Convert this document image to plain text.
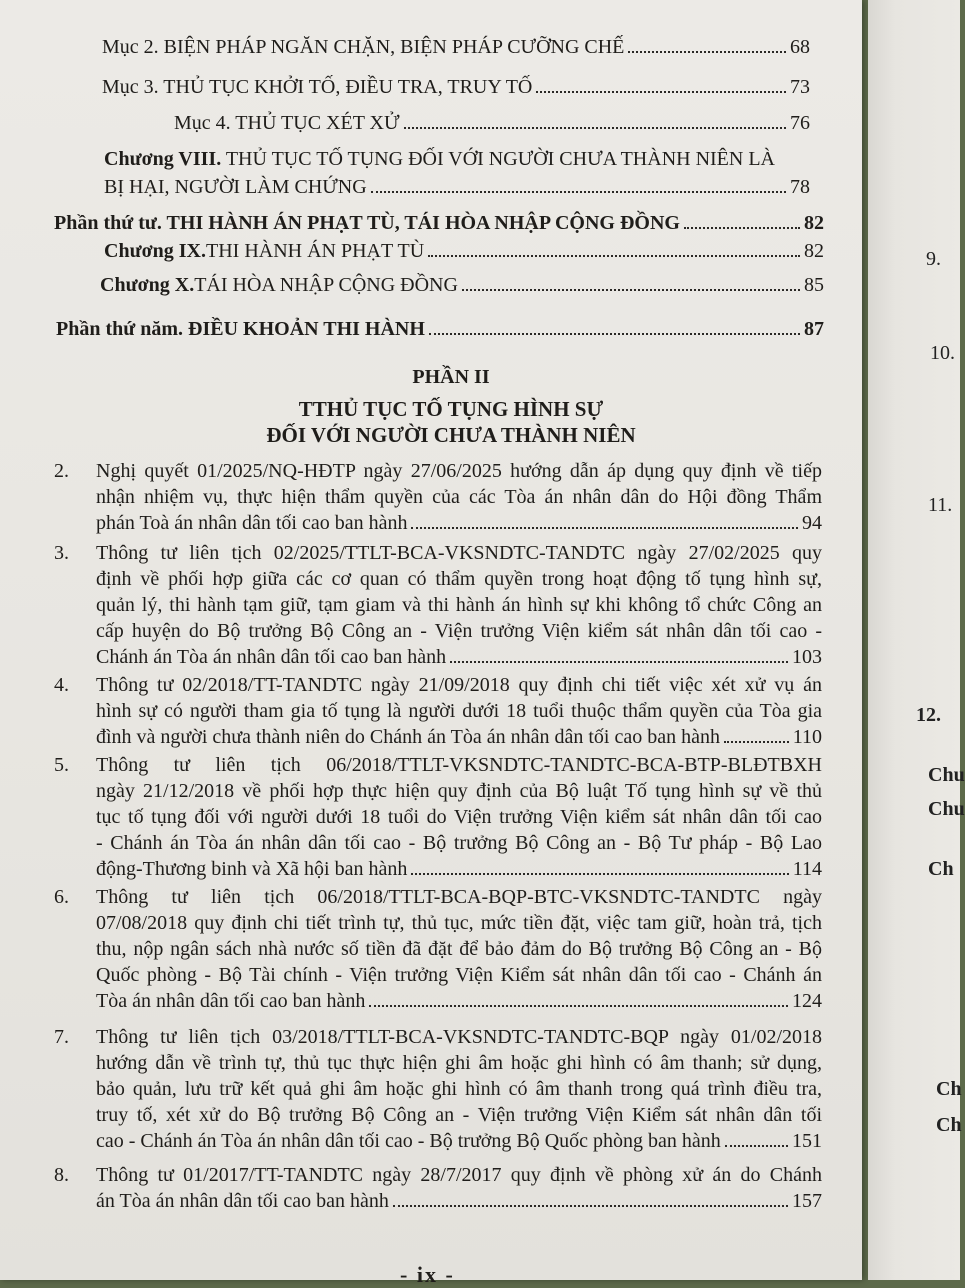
Mục 2. BIỆN PHÁP NGĂN CHẶN, BIỆN PHÁP CƯỠNG CHẾ	68
Mục 3. THỦ TỤC KHỞI TỐ, ĐIỀU TRA, TRUY TỐ	73
Mục 4. THỦ TỤC XÉT XỬ	76
Chương VIII. THỦ TỤC TỐ TỤNG ĐỐI VỚI NGƯỜI CHƯA THÀNH NIÊN LÀ
BỊ HẠI, NGƯỜI LÀM CHỨNG	78
Phần thứ tư. THI HÀNH ÁN PHẠT TÙ, TÁI HÒA NHẬP CỘNG ĐỒNG	82
Chương IX. THI HÀNH ÁN PHẠT TÙ	82
Chương X. TÁI HÒA NHẬP CỘNG ĐỒNG	85
Phần thứ năm. ĐIỀU KHOẢN THI HÀNH	87
PHẦN II
TTHỦ TỤC TỐ TỤNG HÌNH SỰ
ĐỐI VỚI NGƯỜI CHƯA THÀNH NIÊN
2. Nghị quyết 01/2025/NQ-HĐTP ngày 27/06/2025 hướng dẫn áp dụng quy định về tiếp
nhận nhiệm vụ, thực hiện thẩm quyền của các Tòa án nhân dân do Hội đồng Thẩm
phán Toà án nhân dân tối cao ban hành	94
3. Thông tư liên tịch 02/2025/TTLT-BCA-VKSNDTC-TANDTC ngày 27/02/2025 quy
định về phối hợp giữa các cơ quan có thẩm quyền trong hoạt động tố tụng hình sự,
quản lý, thi hành tạm giữ, tạm giam và thi hành án hình sự khi không tổ chức Công an
cấp huyện do Bộ trưởng Bộ Công an - Viện trưởng Viện kiểm sát nhân dân tối cao -
Chánh án Tòa án nhân dân tối cao ban hành	103
4. Thông tư 02/2018/TT-TANDTC ngày 21/09/2018 quy định chi tiết việc xét xử vụ án
hình sự có người tham gia tố tụng là người dưới 18 tuổi thuộc thẩm quyền của Tòa gia
đình và người chưa thành niên do Chánh án Tòa án nhân dân tối cao ban hành	110
5. Thông tư liên tịch 06/2018/TTLT-VKSNDTC-TANDTC-BCA-BTP-BLĐTBXH
ngày 21/12/2018 về phối hợp thực hiện quy định của Bộ luật Tố tụng hình sự về thủ
tục tố tụng đối với người dưới 18 tuổi do Viện trưởng Viện kiểm sát nhân dân tối cao
- Chánh án Tòa án nhân dân tối cao - Bộ trưởng Bộ Công an - Bộ Tư pháp - Bộ Lao
động-Thương binh và Xã hội ban hành	114
6. Thông tư liên tịch 06/2018/TTLT-BCA-BQP-BTC-VKSNDTC-TANDTC ngày
07/08/2018 quy định chi tiết trình tự, thủ tục, mức tiền đặt, việc tam giữ, hoàn trả, tịch
thu, nộp ngân sách nhà nước số tiền đã đặt để bảo đảm do Bộ trưởng Bộ Công an - Bộ
Quốc phòng - Bộ Tài chính - Viện trưởng Viện Kiểm sát nhân dân tối cao - Chánh án
Tòa án nhân dân tối cao ban hành	124
7. Thông tư liên tịch 03/2018/TTLT-BCA-VKSNDTC-TANDTC-BQP ngày 01/02/2018
hướng dẫn về trình tự, thủ tục thực hiện ghi âm hoặc ghi hình có âm thanh; sử dụng,
bảo quản, lưu trữ kết quả ghi âm hoặc ghi hình có âm thanh trong quá trình điều tra,
truy tố, xét xử do Bộ trưởng Bộ Công an - Viện trưởng Viện Kiểm sát nhân dân tối
cao - Chánh án Tòa án nhân dân tối cao - Bộ trưởng Bộ Quốc phòng ban hành	151
8. Thông tư 01/2017/TT-TANDTC ngày 28/7/2017 quy định về phòng xử án do Chánh
án Tòa án nhân dân tối cao ban hành	157
- ix -
9.
10.
11.
12.
Chu
Chu
Ch
Ch
Ch
